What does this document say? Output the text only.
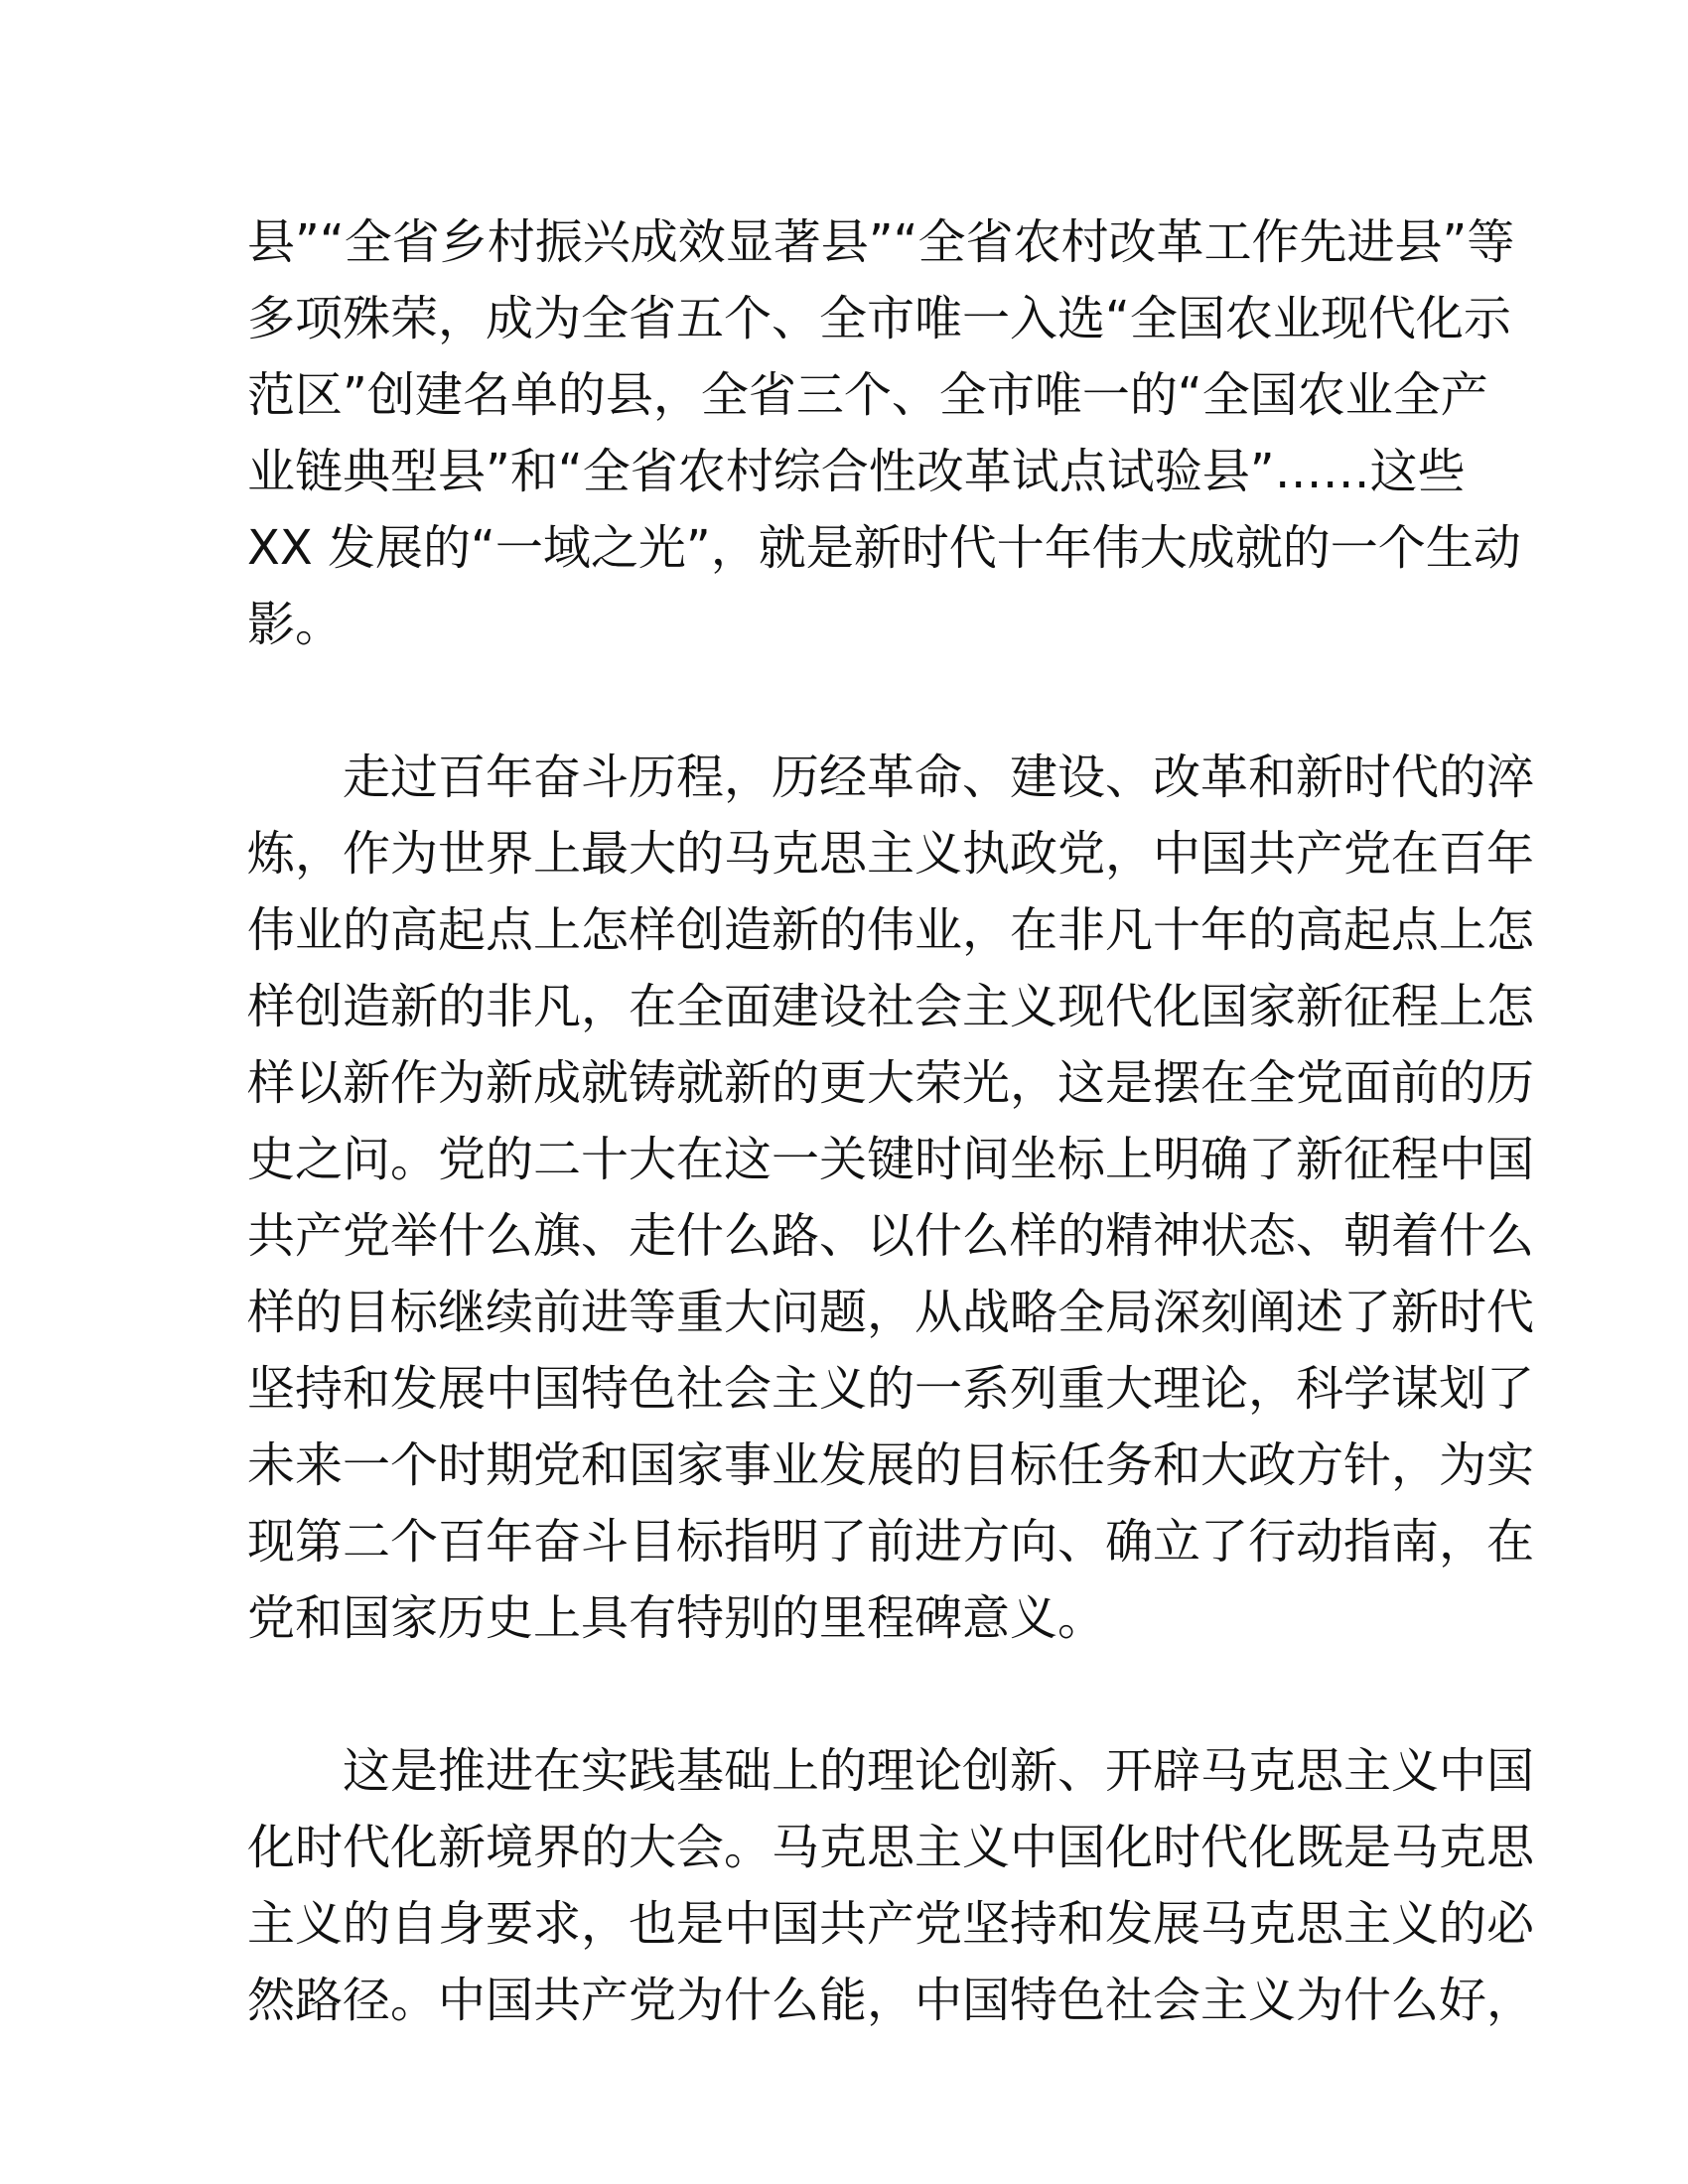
县”“全省乡村振兴成效显著县”“全省农村改革工作先进县”等
多项殊荣，成为全省五个、全市唯一入选“全国农业现代化示
范区”创建名单的县，全省三个、全市唯一的“全国农业全产
业链典型县”和“全省农村综合性改革试点试验县”……这些
XX 发展的“一域之光”，就是新时代十年伟大成就的一个生动
影。
　　走过百年奋斗历程，历经革命、建设、改革和新时代的淬
炼，作为世界上最大的马克思主义执政党，中国共产党在百年
伟业的高起点上怎样创造新的伟业，在非凡十年的高起点上怎
样创造新的非凡，在全面建设社会主义现代化国家新征程上怎
样以新作为新成就铸就新的更大荣光，这是摆在全党面前的历
史之问。党的二十大在这一关键时间坐标上明确了新征程中国
共产党举什么旗、走什么路、以什么样的精神状态、朝着什么
样的目标继续前进等重大问题，从战略全局深刻阐述了新时代
坚持和发展中国特色社会主义的一系列重大理论，科学谋划了
未来一个时期党和国家事业发展的目标任务和大政方针，为实
现第二个百年奋斗目标指明了前进方向、确立了行动指南，在
党和国家历史上具有特别的里程碑意义。
　　这是推进在实践基础上的理论创新、开辟马克思主义中国
化时代化新境界的大会。马克思主义中国化时代化既是马克思
主义的自身要求，也是中国共产党坚持和发展马克思主义的必
然路径。中国共产党为什么能，中国特色社会主义为什么好，
